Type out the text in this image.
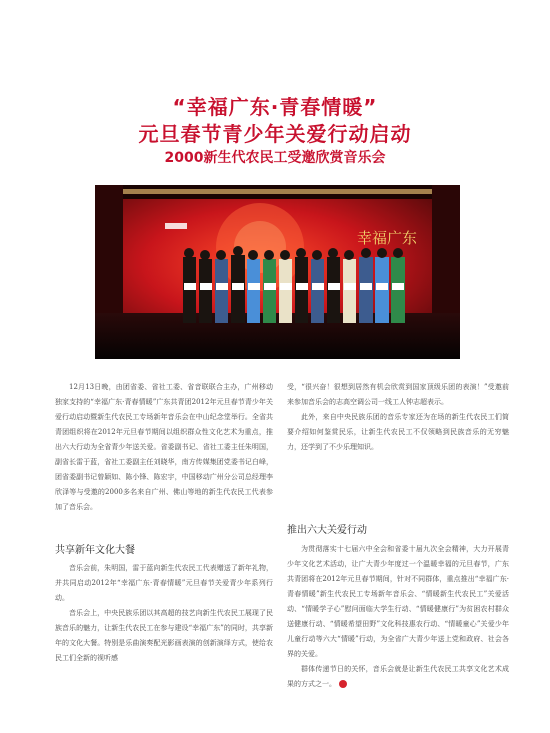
“幸福广东·青春情暖”
元旦春节青少年关爱行动启动
2000新生代农民工受邀欣赏音乐会
幸福广东

12月13日晚，由团省委、省社工委、省音联联合主办，广州移动独家支持的“幸福广东·青春情暖”广东共青团2012年元旦春节青少年关爱行动启动暨新生代农民工专场新年音乐会在中山纪念堂举行。全省共青团组织将在2012年元旦春节期间以组织群众性文化艺术为重点，推出六大行动为全省青少年送关爱。省委副书记、省社工委主任朱明国，副省长雷于蓝，省社工委副主任刘晓华，南方传媒集团党委书记白峰，团省委副书记曾颖如、陈小锋、陈宏宇，中国移动广州分公司总经理李欣泽等与受邀的2000多名来自广州、佛山等地的新生代农民工代表参加了音乐会。

共享新年文化大餐

音乐会前，朱明国，雷于蓝向新生代农民工代表赠送了新年礼物，并共同启动2012年“幸福广东·青春情暖”元旦春节关爱青少年系列行动。

音乐会上，中央民族乐团以其高超的技艺向新生代农民工展现了民族音乐的魅力，让新生代农民工在参与建设“幸福广东”的同时，共享新年的文化大餐。特别是乐曲演奏配光影画表演的创新演绎方式，使给农民工们全新的视听感

受，“很兴奋！很想到居然有机会欣赏到国家顶级乐团的表演！”受邀前来参加音乐会的志高空调公司一线工人钟志超表示。

此外，来自中央民族乐团的音乐专家还为在场的新生代农民工们简要介绍如何鉴赏民乐，让新生代农民工不仅领略到民族音乐的无穷魅力，还学到了不少乐理知识。

推出六大关爱行动

为贯彻落实十七届六中全会和省委十届九次全会精神，大力开展青少年文化艺术活动，让广大青少年度过一个温暖幸福的元旦春节，广东共青团将在2012年元旦春节期间，针对不同群体，重点推出“幸福广东·青春情暖”新生代农民工专场新年音乐会、“情暖新生代农民工”关爱活动、“情暖学子心”慰问面临大学生行动、“情暖健康行”为贫困农村群众送健康行动、“情暖希望田野”文化科技惠农行动、“情暖童心”关爱少年儿童行动等六大“情暖”行动，为全省广大青少年送上党和政府、社会各界的关爱。

群体传递节日的关怀，音乐会就是让新生代农民工共享文化艺术成果的方式之一。
